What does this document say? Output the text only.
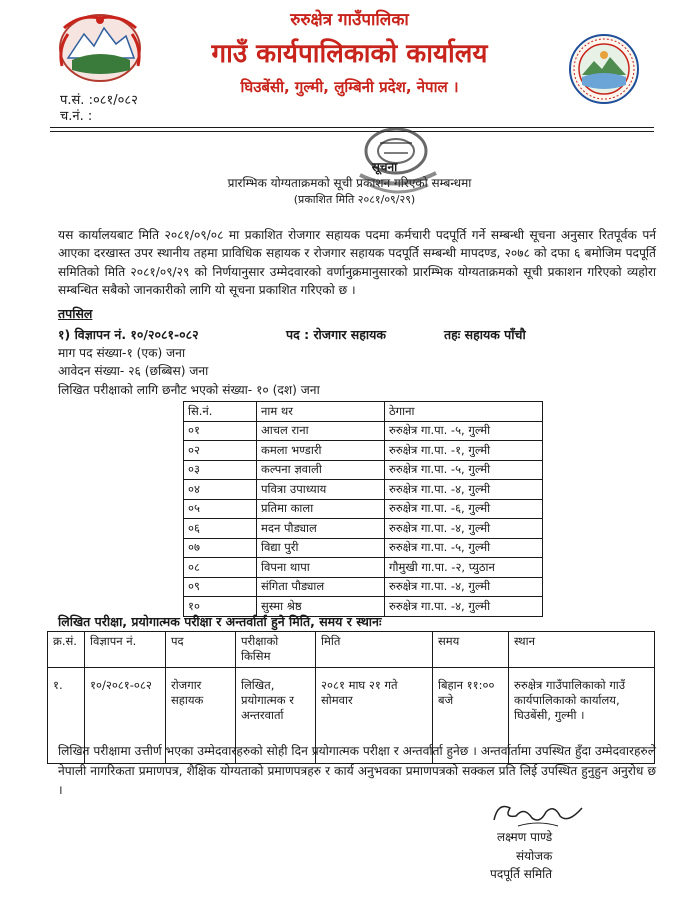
रुरुक्षेत्र गाउँपालिका
गाउँ कार्यपालिकाको कार्यालय
घिउबेंसी, गुल्मी, लुम्बिनी प्रदेश, नेपाल ।
प.सं. :०८१/०८२
च.नं. :
सूचना
प्रारम्भिक योग्यताक्रमको सूची प्रकाशन गरिएको सम्बन्धमा
(प्रकाशित मिति २०८१/०९/२९)

यस कार्यालयबाट मिति २०८१/०९/०८ मा प्रकाशित रोजगार सहायक पदमा कर्मचारी पदपूर्ति गर्ने सम्बन्धी सूचना अनुसार रितपूर्वक पर्न आएका दरखास्त उपर स्थानीय तहमा प्राविधिक सहायक र रोजगार सहायक पदपूर्ति सम्बन्धी मापदण्ड, २०७८ को दफा ६ बमोजिम पदपूर्ति समितिको मिति २०८१/०९/२९ को निर्णयानुसार उम्मेदवारको वर्णानुक्रमानुसारको प्रारम्भिक योग्यताक्रमको सूची प्रकाशन गरिएको व्यहोरा सम्बन्धित सबैको जानकारीको लागि यो सूचना प्रकाशित गरिएको छ ।

तपसिल
१) विज्ञापन नं. १०/२०८१-०८२	पद : रोजगार सहायक	तहः सहायक पाँचौ
माग पद संख्या-१ (एक) जना
आवेदन संख्या- २६ (छब्बिस) जना
लिखित परीक्षाको लागि छनौट भएको संख्या- १० (दश) जना
सि.नं.	नाम थर	ठेगाना
०१	आचल राना	रुरुक्षेत्र गा.पा. -५, गुल्मी
०२	कमला भण्डारी	रुरुक्षेत्र गा.पा. -१, गुल्मी
०३	कल्पना ज्ञवाली	रुरुक्षेत्र गा.पा. -५, गुल्मी
०४	पवित्रा उपाध्याय	रुरुक्षेत्र गा.पा. -४, गुल्मी
०५	प्रतिमा काला	रुरुक्षेत्र गा.पा. -६, गुल्मी
०६	मदन पौड्याल	रुरुक्षेत्र गा.पा. -४, गुल्मी
०७	विद्या पुरी	रुरुक्षेत्र गा.पा. -५, गुल्मी
०८	विपना थापा	गौमुखी गा.पा. -२, प्युठान
०९	संगिता पौड्याल	रुरुक्षेत्र गा.पा. -४, गुल्मी
१०	सुस्मा श्रेष्ठ	रुरुक्षेत्र गा.पा. -४, गुल्मी
लिखित परीक्षा, प्रयोगात्मक परीक्षा र अन्तर्वार्ता हुने मिति, समय र स्थानः
क्र.सं.	विज्ञापन नं.	पद	परीक्षाको किसिम	मिति	समय	स्थान
१.	१०/२०८१-०८२	रोजगार सहायक	लिखित, प्रयोगात्मक र अन्तरवार्ता	२०८१ माघ २१ गते सोमवार	बिहान ११:०० बजे	रुरुक्षेत्र गाउँपालिकाको गाउँ कार्यपालिकाको कार्यालय, घिउबेंसी, गुल्मी ।

लिखित परीक्षामा उत्तीर्ण भएका उम्मेदवारहरुको सोही दिन प्रयोगात्मक परीक्षा र अन्तर्वार्ता हुनेछ । अन्तर्वार्तामा उपस्थित हुँदा उम्मेदवारहरुले नेपाली नागरिकता प्रमाणपत्र, शैक्षिक योग्यताको प्रमाणपत्रहरु र कार्य अनुभवका प्रमाणपत्रको सक्कल प्रति लिई उपस्थित हुनुहुन अनुरोध छ ।

लक्ष्मण पाण्डे
संयोजक
पदपूर्ति समिति
